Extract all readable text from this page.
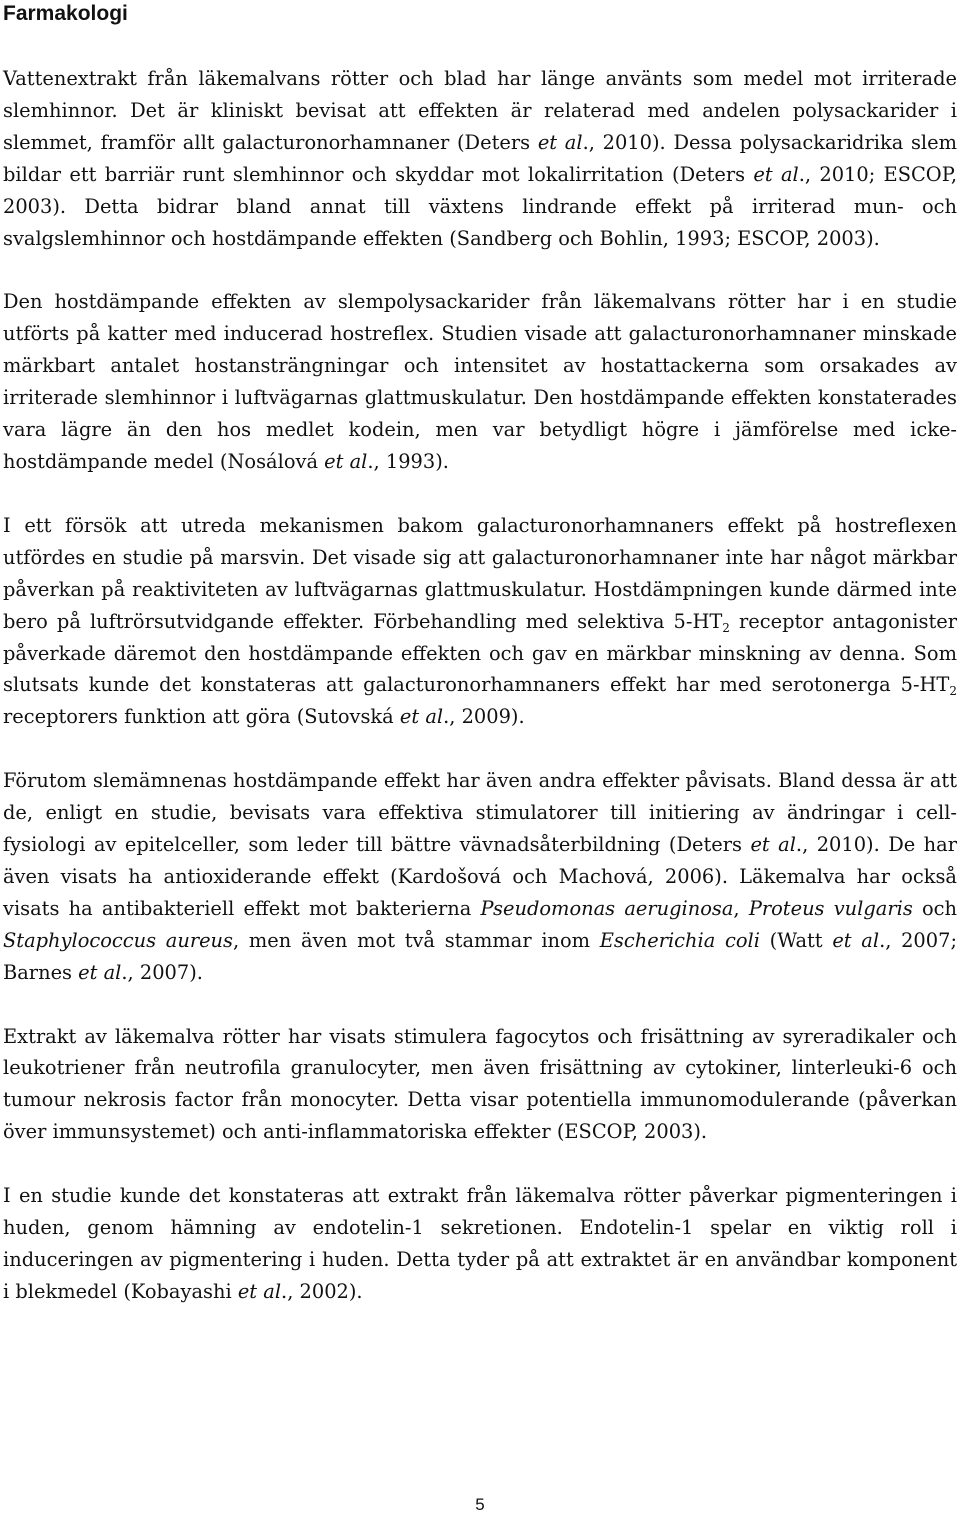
Farmakologi

Vattenextrakt från läkemalvans rötter och blad har länge använts som medel mot irriterade slemhinnor. Det är kliniskt bevisat att effekten är relaterad med andelen polysackarider i slemmet, framför allt galacturonorhamnaner (Deters et al., 2010). Dessa polysackaridrika slem bildar ett barriär runt slemhinnor och skyddar mot lokalirritation (Deters et al., 2010; ESCOP, 2003). Detta bidrar bland annat till växtens lindrande effekt på irriterad mun- och svalgslemhinnor och hostdämpande effekten (Sandberg och Bohlin, 1993; ESCOP, 2003).

Den hostdämpande effekten av slempolysackarider från läkemalvans rötter har i en studie utförts på katter med inducerad hostreflex. Studien visade att galacturonorhamnaner minskade märkbart antalet hostansträngningar och intensitet av hostattackerna som orsakades av irriterade slemhinnor i luftvägarnas glattmuskulatur. Den hostdämpande effekten konstaterades vara lägre än den hos medlet kodein, men var betydligt högre i jämförelse med icke-hostdämpande medel (Nosálová et al., 1993).

I ett försök att utreda mekanismen bakom galacturonorhamnaners effekt på hostreflexen utfördes en studie på marsvin. Det visade sig att galacturonorhamnaner inte har något märkbar påverkan på reaktiviteten av luftvägarnas glattmuskulatur. Hostdämpningen kunde därmed inte bero på luftrörsutvidgande effekter. Förbehandling med selektiva $5-HT_2$ receptor antagonister påverkade däremot den hostdämpande effekten och gav en märkbar minskning av denna. Som slutsats kunde det konstateras att galacturonorhamnaners effekt har med serotonerga $5-HT_2$ receptorers funktion att göra (Sutovská et al., 2009).

Förutom slemämnenas hostdämpande effekt har även andra effekter påvisats. Bland dessa är att de, enligt en studie, bevisats vara effektiva stimulatorer till initiering av ändringar i cell-fysiologi av epitelceller, som leder till bättre vävnadsåterbildning (Deters et al., 2010). De har även visats ha antioxiderande effekt (Kardošová och Machová, 2006). Läkemalva har också visats ha antibakteriell effekt mot bakterierna Pseudomonas aeruginosa, Proteus vulgaris och Staphylococcus aureus, men även mot två stammar inom Escherichia coli (Watt et al., 2007; Barnes et al., 2007).

Extrakt av läkemalva rötter har visats stimulera fagocytos och frisättning av syreradikaler och leukotriener från neutrofila granulocyter, men även frisättning av cytokiner, linterleuki-6 och tumour nekrosis factor från monocyter. Detta visar potentiella immunomodulerande (påverkan över immunsystemet) och anti-inflammatoriska effekter (ESCOP, 2003).

I en studie kunde det konstateras att extrakt från läkemalva rötter påverkar pigmenteringen i huden, genom hämning av endotelin-1 sekretionen. Endotelin-1 spelar en viktig roll i induceringen av pigmentering i huden. Detta tyder på att extraktet är en användbar komponent i blekmedel (Kobayashi et al., 2002).

5
